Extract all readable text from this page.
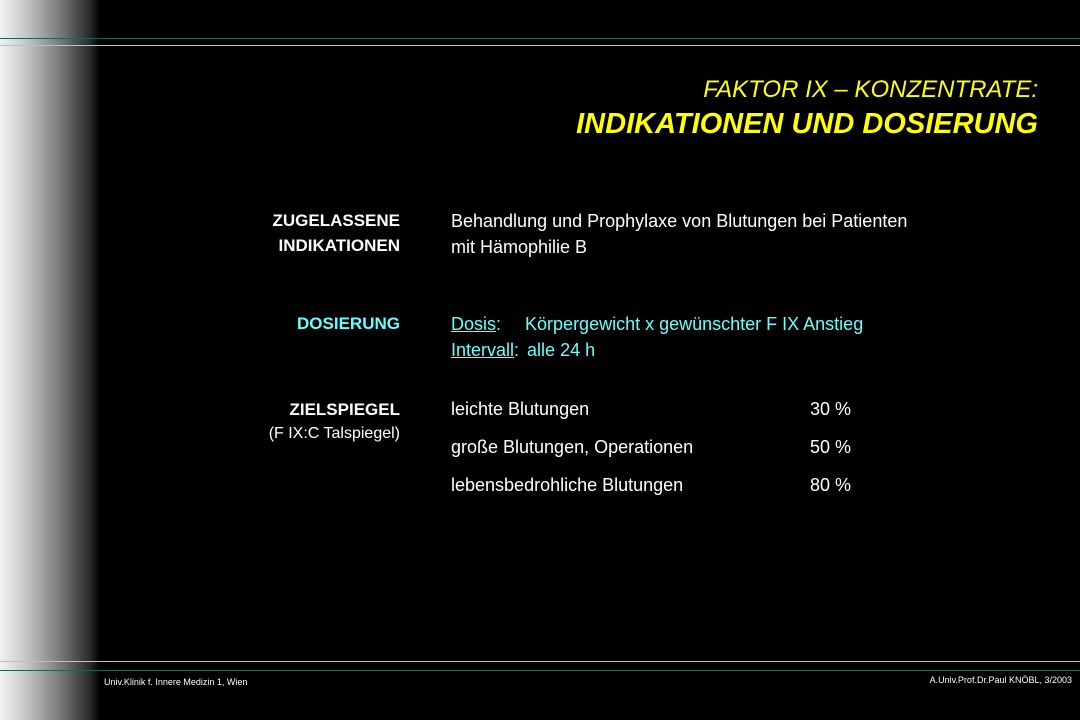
FAKTOR IX – KONZENTRATE:
INDIKATIONEN UND DOSIERUNG
ZUGELASSENE
INDIKATIONEN
Behandlung und Prophylaxe von Blutungen bei Patienten
mit Hämophilie B
DOSIERUNG	Dosis: Körpergewicht x gewünschter F IX Anstieg
Intervall: alle 24 h
ZIELSPIEGEL
(F IX:C Talspiegel)
leichte Blutungen	30 %
große Blutungen, Operationen	50 %
lebensbedrohliche Blutungen	80 %
Univ.Klinik f. Innere Medizin 1, Wien	A.Univ.Prof.Dr.Paul KNÖBL, 3/2003
